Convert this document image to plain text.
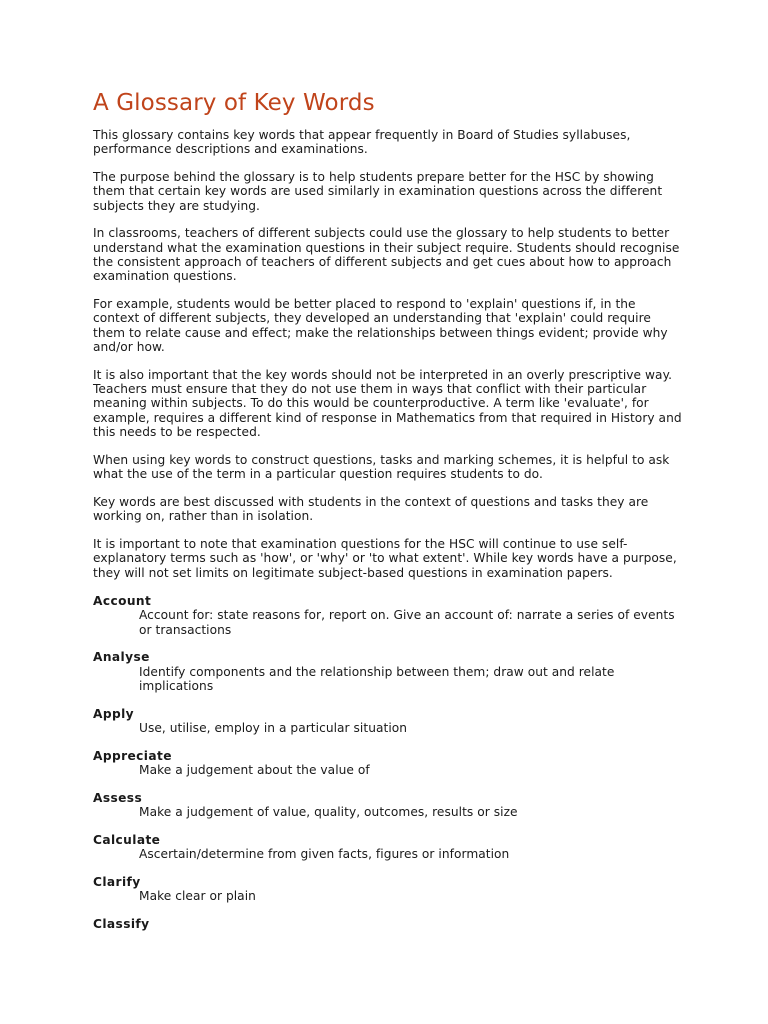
A Glossary of Key Words

This glossary contains key words that appear frequently in Board of Studies syllabuses, performance descriptions and examinations.

The purpose behind the glossary is to help students prepare better for the HSC by showing them that certain key words are used similarly in examination questions across the different subjects they are studying.

In classrooms, teachers of different subjects could use the glossary to help students to better understand what the examination questions in their subject require. Students should recognise the consistent approach of teachers of different subjects and get cues about how to approach examination questions.

For example, students would be better placed to respond to 'explain' questions if, in the context of different subjects, they developed an understanding that 'explain' could require them to relate cause and effect; make the relationships between things evident; provide why and/or how.

It is also important that the key words should not be interpreted in an overly prescriptive way. Teachers must ensure that they do not use them in ways that conflict with their particular meaning within subjects. To do this would be counterproductive. A term like 'evaluate', for example, requires a different kind of response in Mathematics from that required in History and this needs to be respected.

When using key words to construct questions, tasks and marking schemes, it is helpful to ask what the use of the term in a particular question requires students to do.

Key words are best discussed with students in the context of questions and tasks they are working on, rather than in isolation.

It is important to note that examination questions for the HSC will continue to use self-explanatory terms such as 'how', or 'why' or 'to what extent'. While key words have a purpose, they will not set limits on legitimate subject-based questions in examination papers.

Account
Account for: state reasons for, report on. Give an account of: narrate a series of events or transactions
Analyse
Identify components and the relationship between them; draw out and relate implications
Apply
Use, utilise, employ in a particular situation
Appreciate
Make a judgement about the value of
Assess
Make a judgement of value, quality, outcomes, results or size
Calculate
Ascertain/determine from given facts, figures or information
Clarify
Make clear or plain
Classify
